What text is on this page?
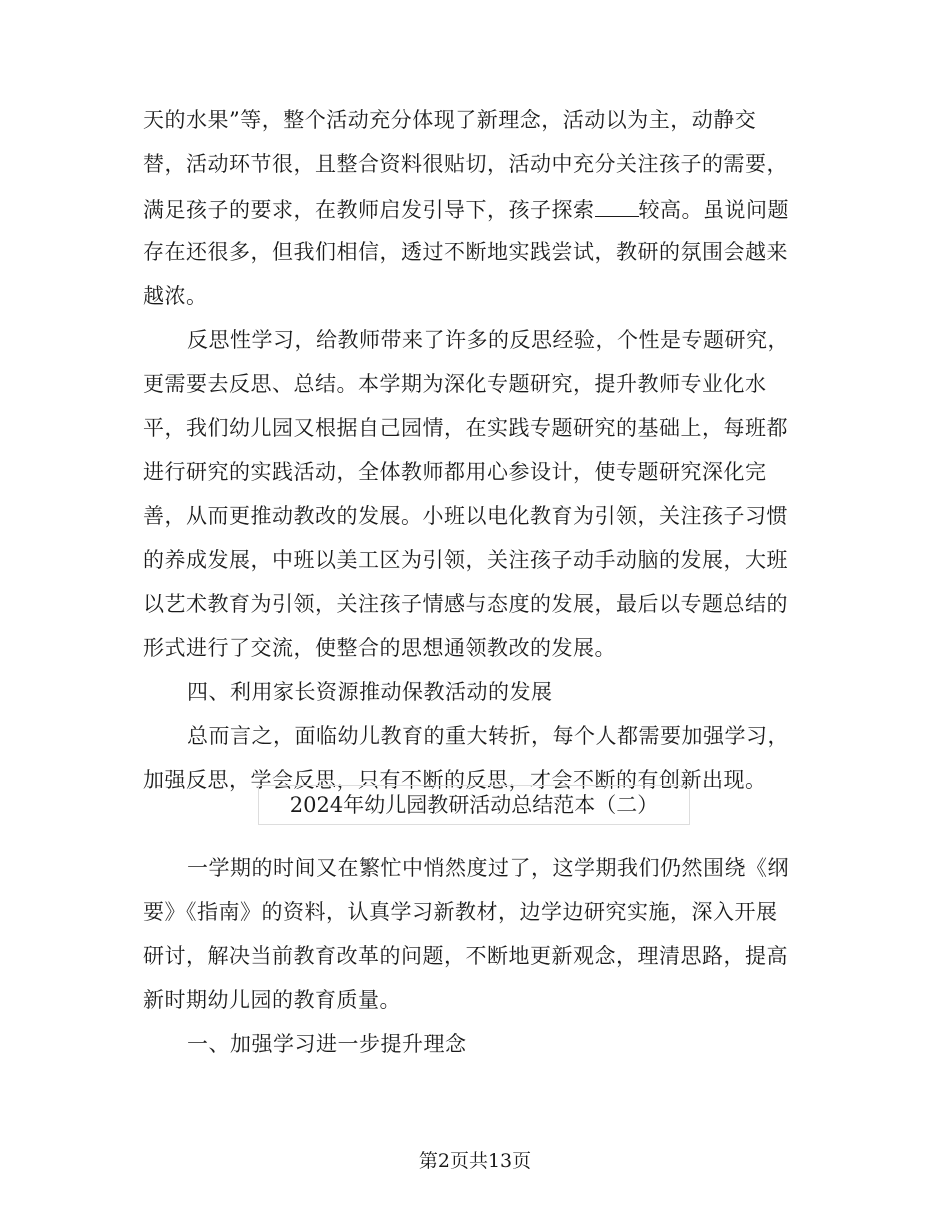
天的水果”等，整个活动充分体现了新理念，活动以为主，动静交
替，活动环节很，且整合资料很贴切，活动中充分关注孩子的需要，
满足孩子的要求，在教师启发引导下，孩子探索 较高。虽说问题
存在还很多，但我们相信，透过不断地实践尝试，教研的氛围会越来
越浓。
反思性学习，给教师带来了许多的反思经验，个性是专题研究，
更需要去反思、总结。本学期为深化专题研究，提升教师专业化水
平，我们幼儿园又根据自己园情，在实践专题研究的基础上，每班都
进行研究的实践活动，全体教师都用心参设计，使专题研究深化完
善，从而更推动教改的发展。小班以电化教育为引领，关注孩子习惯
的养成发展，中班以美工区为引领，关注孩子动手动脑的发展，大班
以艺术教育为引领，关注孩子情感与态度的发展，最后以专题总结的
形式进行了交流，使整合的思想通领教改的发展。
四、利用家长资源推动保教活动的发展
总而言之，面临幼儿教育的重大转折，每个人都需要加强学习，
加强反思，学会反思，只有不断的反思，才会不断的有创新出现。
2024年幼儿园教研活动总结范本（二）
一学期的时间又在繁忙中悄然度过了，这学期我们仍然围绕《纲
要》《指南》的资料，认真学习新教材，边学边研究实施，深入开展
研讨，解决当前教育改革的问题，不断地更新观念，理清思路，提高
新时期幼儿园的教育质量。
一、加强学习进一步提升理念
第2页共13页
